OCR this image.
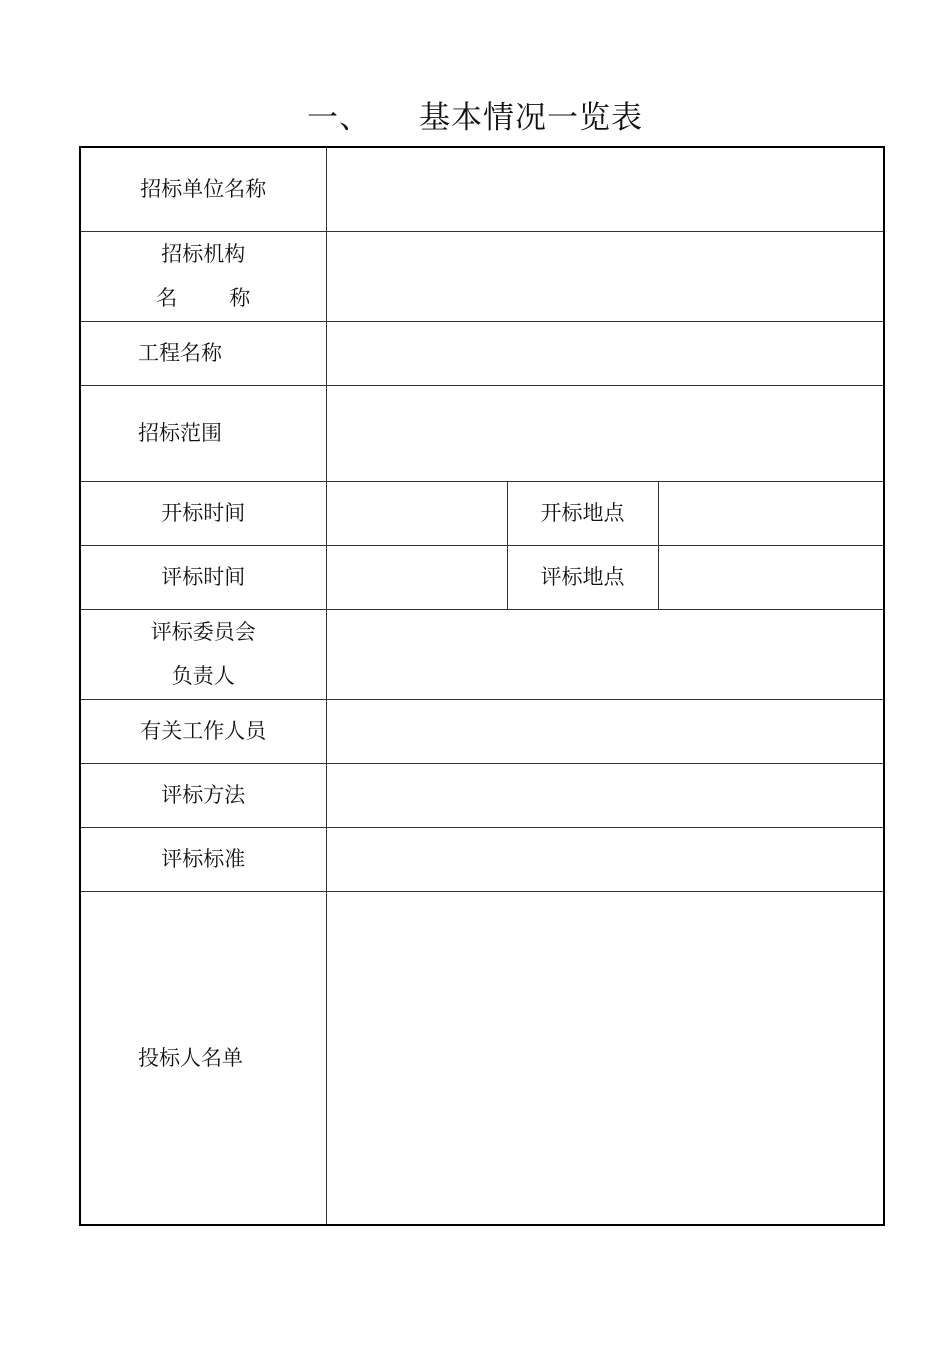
一、 基本情况一览表
招标单位名称			

招标机构
名 称			

工程名称			
招标范围			
开标时间		开标地点	
评标时间		评标地点	

评标委员会
负责人			

有关工作人员			
评标方法			
评标标准			
投标人名单			
